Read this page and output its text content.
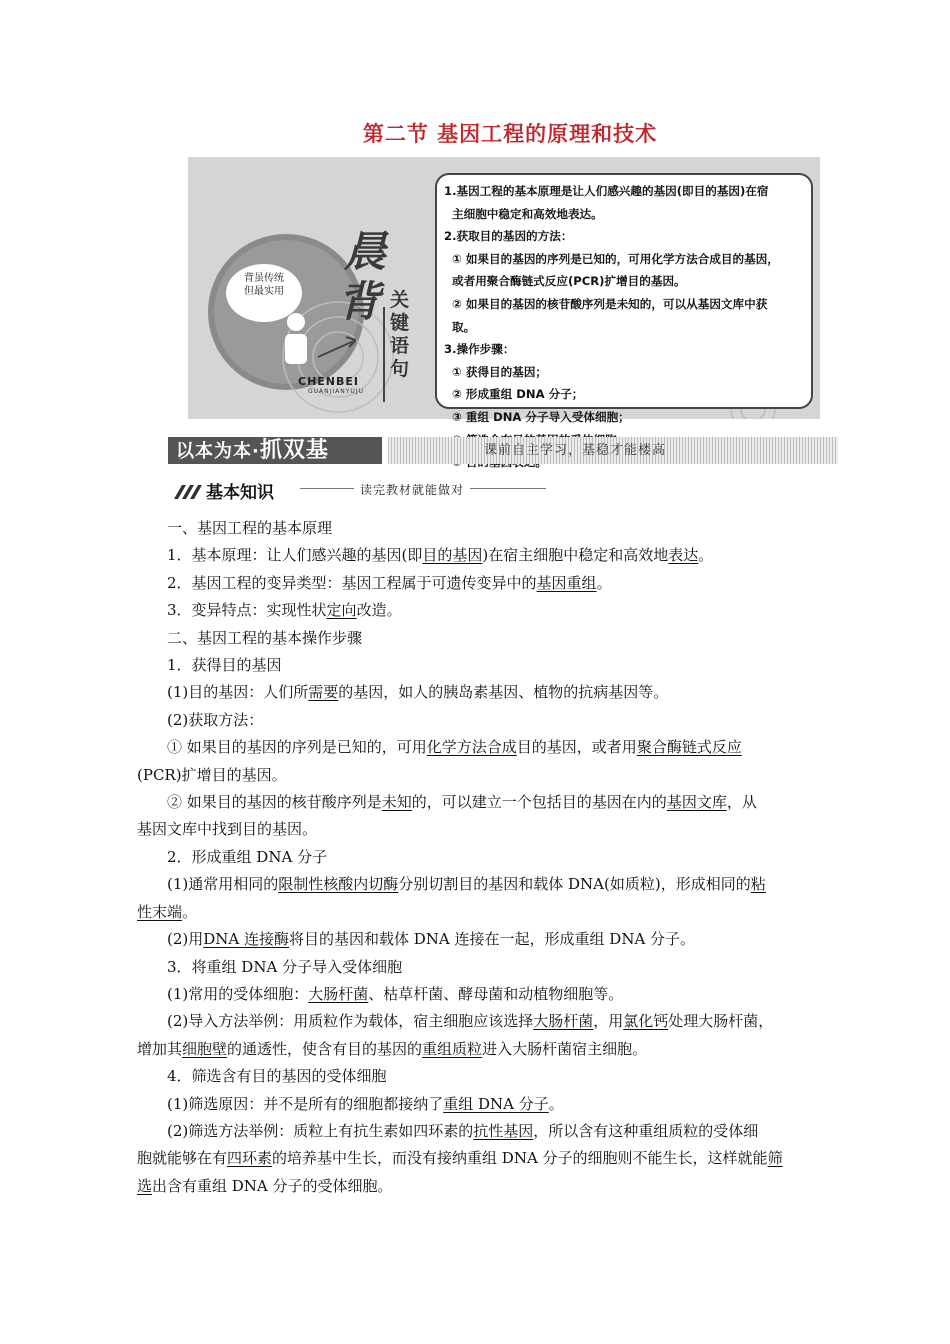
第二节 基因工程的原理和技术
背虽传统
但最实用
晨
背 关键语句
CHENBEI
GUANJIANYUJU
1.基因工程的基本原理是让人们感兴趣的基因(即目的基因)在宿
主细胞中稳定和高效地表达。
2.获取目的基因的方法：
① 如果目的基因的序列是已知的，可用化学方法合成目的基因，
或者用聚合酶链式反应(PCR)扩增目的基因。
② 如果目的基因的核苷酸序列是未知的，可以从基因文库中获
取。
3.操作步骤：
① 获得目的基因；
② 形成重组 DNA 分子；
③ 重组 DNA 分子导入受体细胞；
以本为本·抓双基	课前自主学习，基稳才能楼高
基本知识	读完教材就能做对

一、基因工程的基本原理

1．基本原理：让人们感兴趣的基因(即目的基因)在宿主细胞中稳定和高效地表达。

2．基因工程的变异类型：基因工程属于可遗传变异中的基因重组。

3．变异特点：实现性状定向改造。

二、基因工程的基本操作步骤

1．获得目的基因

(1)目的基因：人们所需要的基因，如人的胰岛素基因、植物的抗病基因等。

(2)获取方法：

① 如果目的基因的序列是已知的，可用化学方法合成目的基因，或者用聚合酶链式反应

(PCR)扩增目的基因。

② 如果目的基因的核苷酸序列是未知的，可以建立一个包括目的基因在内的基因文库，从

基因文库中找到目的基因。

2．形成重组 DNA 分子

(1)通常用相同的限制性核酸内切酶分别切割目的基因和载体 DNA(如质粒)，形成相同的粘

性末端。

(2)用DNA 连接酶将目的基因和载体 DNA 连接在一起，形成重组 DNA 分子。

3．将重组 DNA 分子导入受体细胞

(1)常用的受体细胞：大肠杆菌、枯草杆菌、酵母菌和动植物细胞等。

(2)导入方法举例：用质粒作为载体，宿主细胞应该选择大肠杆菌，用氯化钙处理大肠杆菌，

增加其细胞壁的通透性，使含有目的基因的重组质粒进入大肠杆菌宿主细胞。

4．筛选含有目的基因的受体细胞

(1)筛选原因：并不是所有的细胞都接纳了重组 DNA 分子。

(2)筛选方法举例：质粒上有抗生素如四环素的抗性基因，所以含有这种重组质粒的受体细

胞就能够在有四环素的培养基中生长，而没有接纳重组 DNA 分子的细胞则不能生长，这样就能筛

选出含有重组 DNA 分子的受体细胞。
